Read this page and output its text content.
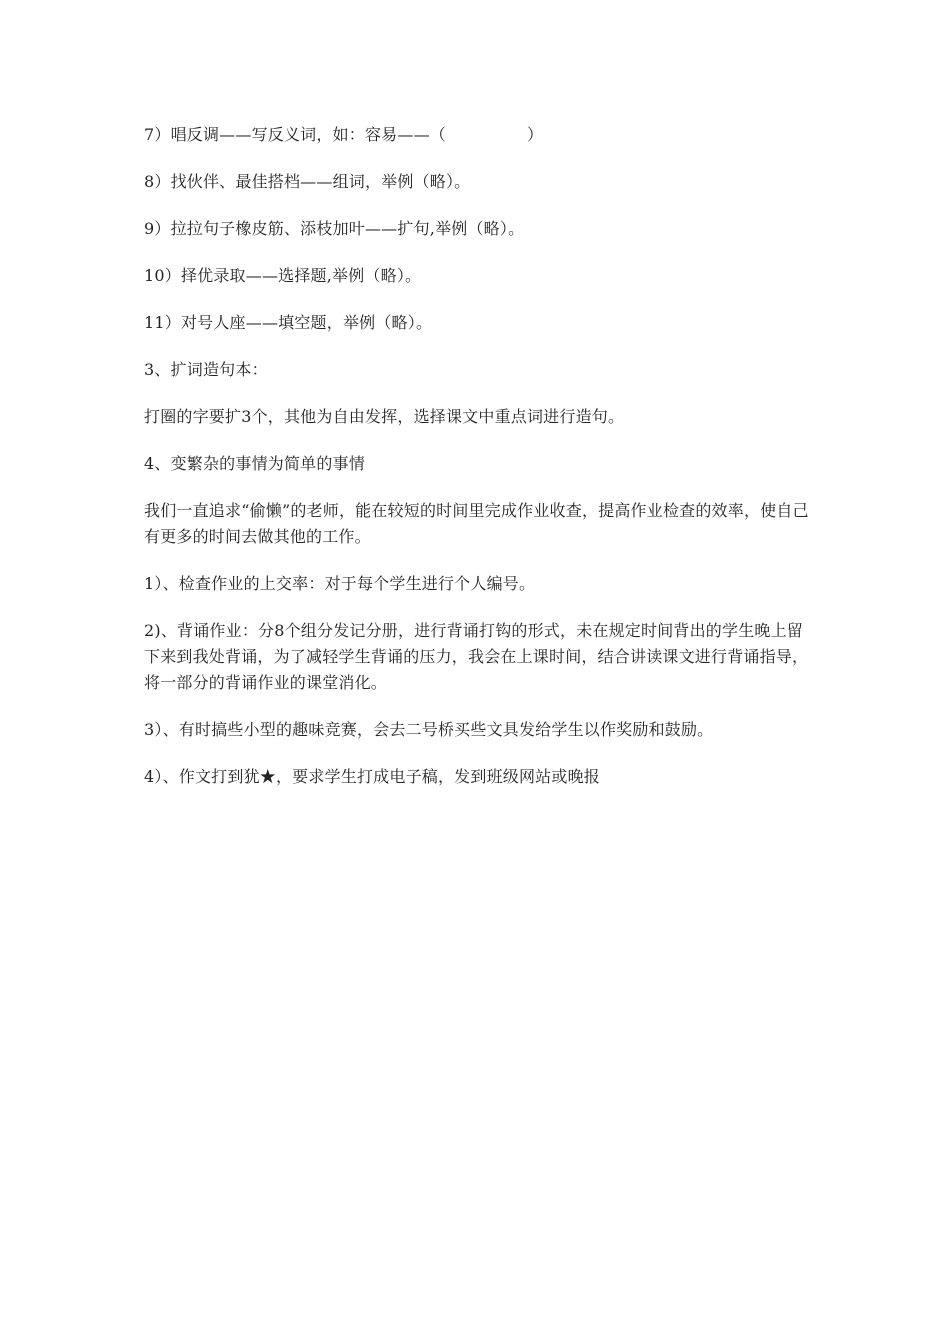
7）唱反调——写反义词，如：容易——（　　　　　）

8）找伙伴、最佳搭档——组词，举例（略）。

9）拉拉句子橡皮筋、添枝加叶——扩句,举例（略）。

10）择优录取——选择题,举例（略）。

11）对号人座——填空题，举例（略）。

3、扩词造句本：

打圈的字要扩3个，其他为自由发挥，选择课文中重点词进行造句。

4、变繁杂的事情为简单的事情

我们一直追求“偷懒”的老师，能在较短的时间里完成作业收查，提高作业检查的效率，使自己有更多的时间去做其他的工作。

1）、检查作业的上交率：对于每个学生进行个人编号。

2)、背诵作业：分8个组分发记分册，进行背诵打钩的形式，未在规定时间背出的学生晚上留下来到我处背诵，为了减轻学生背诵的压力，我会在上课时间，结合讲读课文进行背诵指导，将一部分的背诵作业的课堂消化。

3）、有时搞些小型的趣味竞赛，会去二号桥买些文具发给学生以作奖励和鼓励。

4）、作文打到犹★，要求学生打成电子稿，发到班级网站或晚报
